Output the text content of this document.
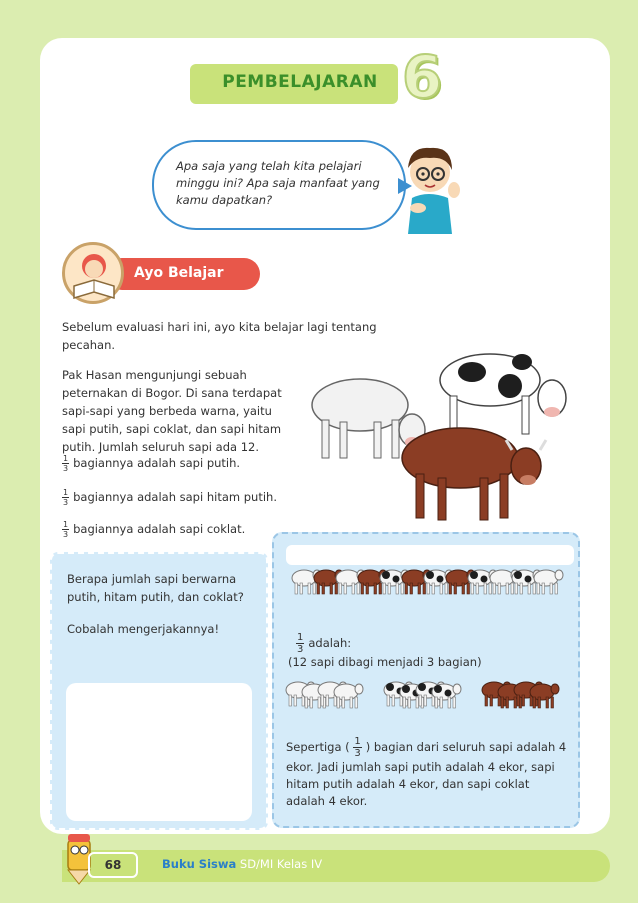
PEMBELAJARAN 6
Apa saja yang telah kita pelajari minggu ini? Apa saja manfaat yang kamu dapatkan?
Ayo Belajar
Sebelum evaluasi hari ini, ayo kita belajar lagi tentang pecahan.
Pak Hasan mengunjungi sebuah peternakan di Bogor. Di sana terdapat sapi-sapi yang berbeda warna, yaitu sapi putih, sapi coklat, dan sapi hitam putih. Jumlah seluruh sapi ada 12.
$\frac{1}{3}$ bagiannya adalah sapi putih.
$\frac{1}{3}$ bagiannya adalah sapi hitam putih.
$\frac{1}{3}$ bagiannya adalah sapi coklat.
Berapa jumlah sapi berwarna putih, hitam putih, dan coklat?
Cobalah mengerjakannya!
$\frac{1}{3}$ adalah:
(12 sapi dibagi menjadi 3 bagian)
Sepertiga ( $\frac{1}{3}$ ) bagian dari seluruh sapi adalah 4 ekor. Jadi jumlah sapi putih adalah 4 ekor, sapi hitam putih adalah 4 ekor, dan sapi coklat adalah 4 ekor.
68	Buku Siswa SD/MI Kelas IV
